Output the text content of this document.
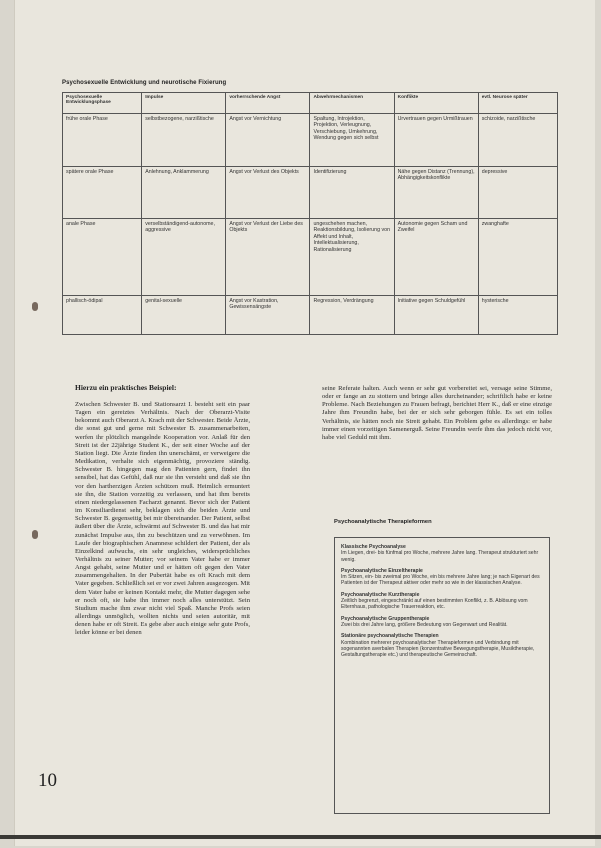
Psychosexuelle Entwicklung und neurotische Fixierung
Psychosexuelle Entwicklungsphase	Impulse	vorherrschende Angst	Abwehrmechanismen	Konflikte	evtl. Neurose später
frühe orale Phase	selbstbezogene, narzißtische	Angst vor Vernichtung	Spaltung, Introjektion, Projektion, Verleugnung, Verschiebung, Umkehrung, Wendung gegen sich selbst	Urvertrauen gegen Urmißtrauen	schizoide, narzißtische
spätere orale Phase	Anlehnung, Anklammerung	Angst vor Verlust des Objekts	Identifizierung	Nähe gegen Distanz (Trennung), Abhängigkeitskonflikte	depressive
anale Phase	verselbständigend-autonome, aggressive	Angst vor Verlust der Liebe des Objekts	ungeschehen machen, Reaktionsbildung, Isolierung von Affekt und Inhalt, Intellektualisierung, Rationalisierung	Autonomie gegen Scham und Zweifel	zwanghafte
phallisch-ödipal	genital-sexuelle	Angst vor Kastration, Gewissensängste	Regression, Verdrängung	Initiative gegen Schuldgefühl	hysterische

Hierzu ein praktisches Beispiel:

Zwischen Schwester B. und Stationsarzt I. besteht seit ein paar Tagen ein gereiztes Verhältnis. Nach der Oberarzt-Visite bekommt auch Oberarzt A. Krach mit der Schwester. Beide Ärzte, die sonst gut und gerne mit Schwester B. zusammenarbeiten, werfen ihr plötzlich mangelnde Kooperation vor. Anlaß für den Streit ist der 22jährige Student K., der seit einer Woche auf der Station liegt. Die Ärzte finden ihn unerschämt, er verweigere die Medikation, verhalte sich eigenmächtig, provoziere ständig. Schwester B. hingegen mag den Patienten gern, findet ihn sensibel, hat das Gefühl, daß nur sie ihn versteht und daß sie ihn vor den hartherzigen Ärzten schützen muß. Heimlich ermuntert sie ihn, die Station vorzeitig zu verlassen, und hat ihm bereits einen niedergelassenen Facharzt genannt. Bevor sich der Patient im Konsiliardienst sehr, beklagen sich die beiden Ärzte und Schwester B. gegenseitig bei mir übereinander. Der Patient, selbst äußert über die Ärzte, schwärmt auf Schwester B. und das hat mir zunächst Impulse aus, ihn zu beschützen und zu verwöhnen. Im Laufe der biographischen Anamnese schildert der Patient, der als Einzelkind aufwuchs, ein sehr ungleiches, widersprüchliches Verhältnis zu seiner Mutter; vor seinem Vater habe er immer Angst gehabt, seine Mutter und er hätten oft gegen den Vater zusammengehalten. In der Pubertät habe es oft Krach mit dem Vater gegeben. Schließlich sei er vor zwei Jahren ausgezogen. Mit dem Vater habe er keinen Kontakt mehr, die Mutter dagegen sehe er noch oft, sie habe ihn immer noch alles unterstützt. Sein Studium mache ihm zwar nicht viel Spaß. Manche Profs seien allerdings unmöglich, wollten nichts und seien autoritär, mit denen habe er oft Streit. Es gebe aber auch einige sehr gute Profs, leider könne er bei denen

seine Referate halten. Auch wenn er sehr gut vorbereitet sei, versage seine Stimme, oder er fange an zu stottern und bringe alles durcheinander; schriftlich habe er keine Probleme. Nach Beziehungen zu Frauen befragt, berichtet Herr K., daß er eine einzige Jahre ihm Freundin habe, bei der er sich sehr geborgen fühle. Es sei ein tolles Verhältnis, sie hätten noch nie Streit gehabt. Ein Problem gebe es allerdings: er habe immer einen vorzeitigen Samenerguß. Seine Freundin werfe ihm das jedoch nicht vor, habe viel Geduld mit ihm.

Psychoanalytische Therapieformen
Klassische Psychoanalyse

Im Liegen, drei- bis fünfmal pro Woche, mehrere Jahre lang. Therapeut strukturiert sehr wenig.

Psychoanalytische Einzeltherapie

Im Sitzen, ein- bis zweimal pro Woche, ein bis mehrere Jahre lang; je nach Eigenart des Patienten ist der Therapeut aktiver oder mehr so wie in der klassischen Analyse.

Psychoanalytische Kurztherapie

Zeitlich begrenzt, eingeschränkt auf einen bestimmten Konflikt, z. B. Ablösung vom Elternhaus, pathologische Trauerreaktion, etc.

Psychoanalytische Gruppentherapie

Zwei bis drei Jahre lang, größere Bedeutung von Gegenwart und Realität.

Stationäre psychoanalytische Therapien

Kombination mehrerer psychoanalytischer Therapieformen und Verbindung mit sogenannten averbalen Therapien (konzentrative Bewegungstherapie, Musiktherapie, Gestaltungstherapie etc.) und therapeutische Gemeinschaft.

10
